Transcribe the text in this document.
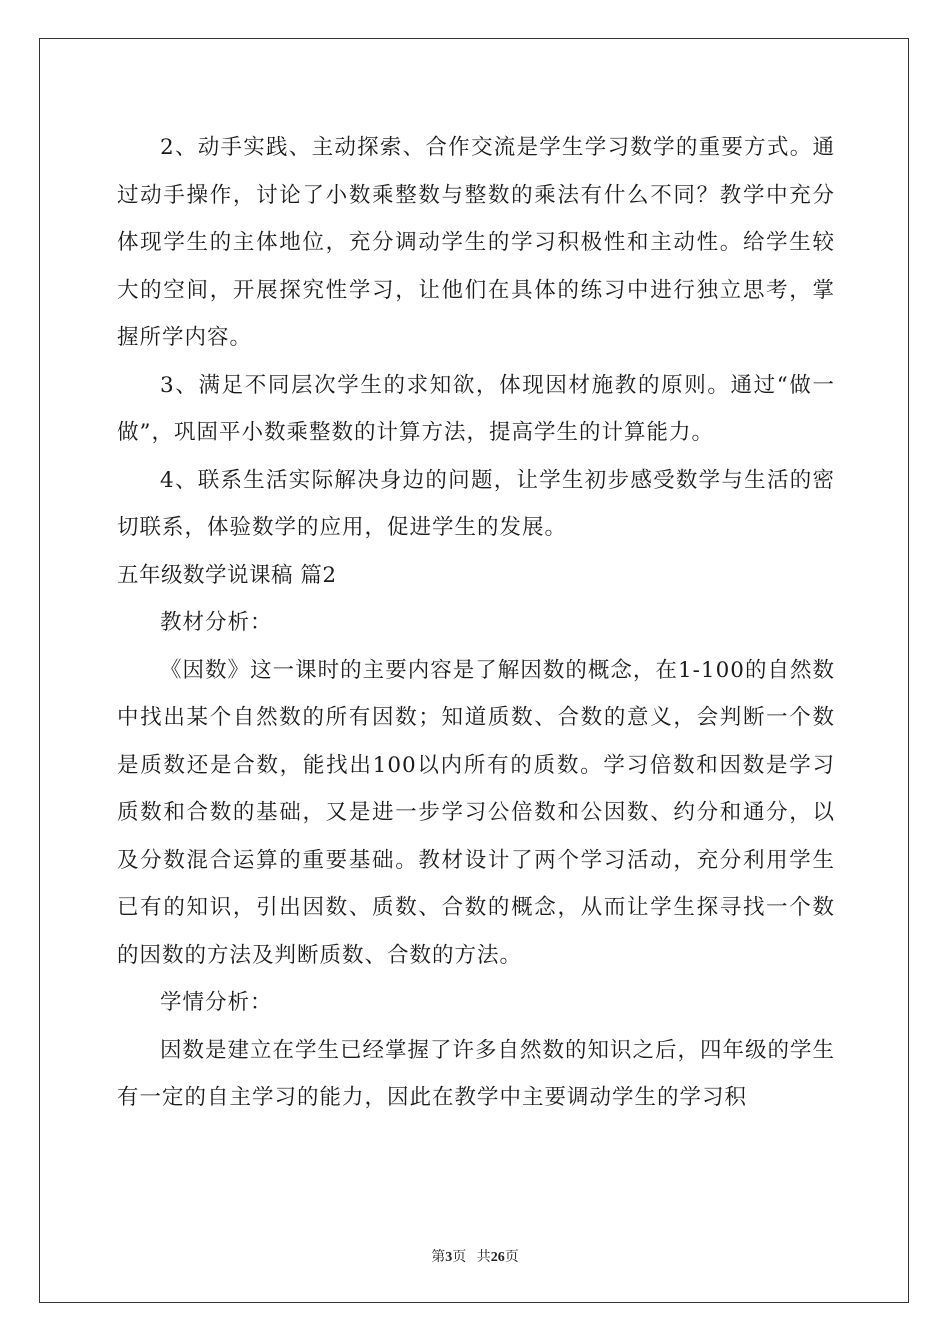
2、动手实践、主动探索、合作交流是学生学习数学的重要方式。通过动手操作，讨论了小数乘整数与整数的乘法有什么不同？教学中充分体现学生的主体地位，充分调动学生的学习积极性和主动性。给学生较大的空间，开展探究性学习，让他们在具体的练习中进行独立思考，掌握所学内容。

3、满足不同层次学生的求知欲，体现因材施教的原则。通过“做一做”，巩固平小数乘整数的计算方法，提高学生的计算能力。

4、联系生活实际解决身边的问题，让学生初步感受数学与生活的密切联系，体验数学的应用，促进学生的发展。

五年级数学说课稿 篇2

教材分析：

《因数》这一课时的主要内容是了解因数的概念，在1-100的自然数中找出某个自然数的所有因数；知道质数、合数的意义，会判断一个数是质数还是合数，能找出100以内所有的质数。学习倍数和因数是学习质数和合数的基础，又是进一步学习公倍数和公因数、约分和通分，以及分数混合运算的重要基础。教材设计了两个学习活动，充分利用学生已有的知识，引出因数、质数、合数的概念，从而让学生探寻找一个数的因数的方法及判断质数、合数的方法。

学情分析：

因数是建立在学生已经掌握了许多自然数的知识之后，四年级的学生有一定的自主学习的能力，因此在教学中主要调动学生的学习积

第3页 共26页
